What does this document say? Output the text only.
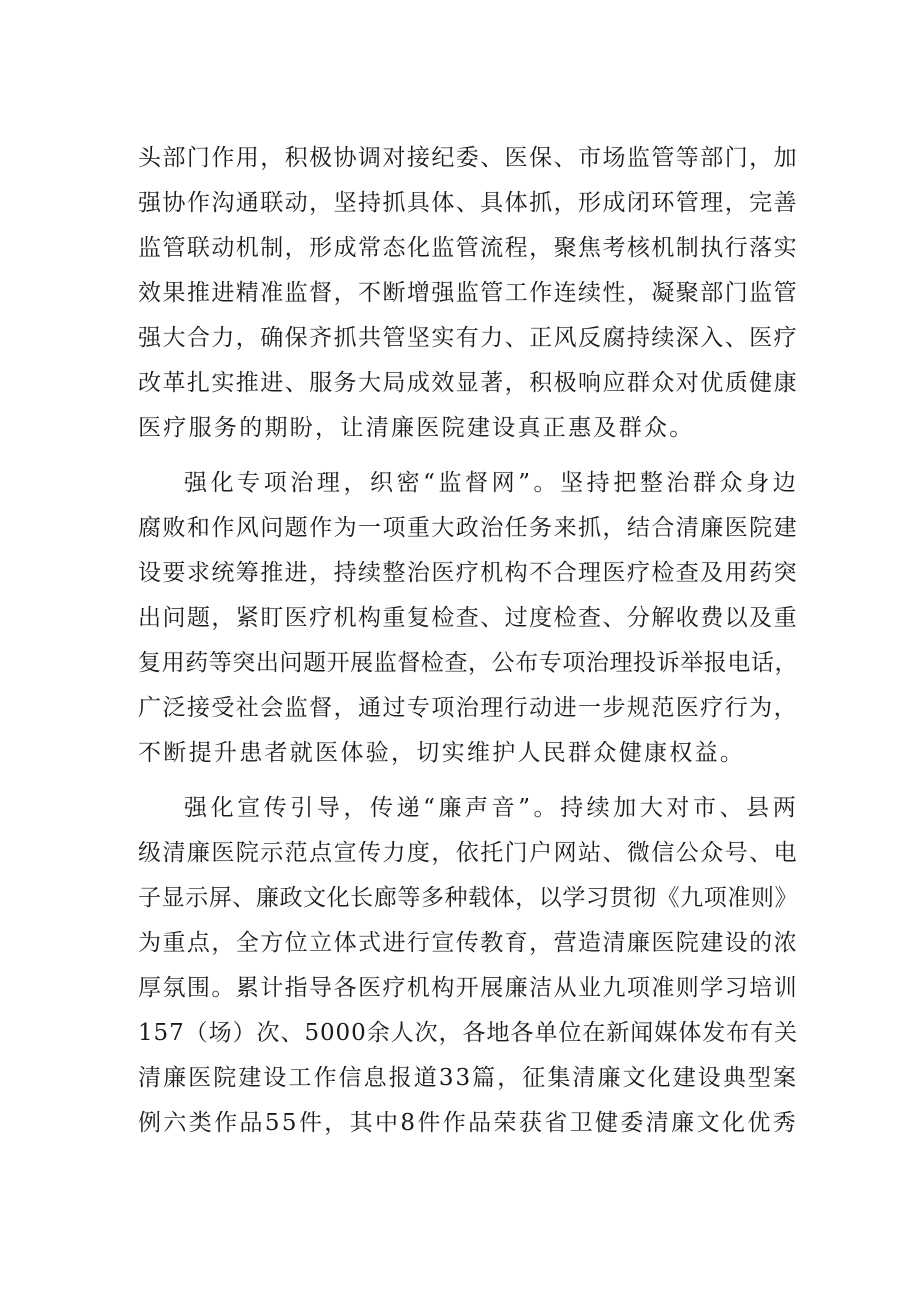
头部门作用，积极协调对接纪委、医保、市场监管等部门，加
强协作沟通联动，坚持抓具体、具体抓，形成闭环管理，完善
监管联动机制，形成常态化监管流程，聚焦考核机制执行落实
效果推进精准监督，不断增强监管工作连续性，凝聚部门监管
强大合力，确保齐抓共管坚实有力、正风反腐持续深入、医疗
改革扎实推进、服务大局成效显著，积极响应群众对优质健康
医疗服务的期盼，让清廉医院建设真正惠及群众。
强化专项治理，织密“监督网”。坚持把整治群众身边
腐败和作风问题作为一项重大政治任务来抓，结合清廉医院建
设要求统筹推进，持续整治医疗机构不合理医疗检查及用药突
出问题，紧盯医疗机构重复检查、过度检查、分解收费以及重
复用药等突出问题开展监督检查，公布专项治理投诉举报电话，
广泛接受社会监督，通过专项治理行动进一步规范医疗行为，
不断提升患者就医体验，切实维护人民群众健康权益。
强化宣传引导，传递“廉声音”。持续加大对市、县两
级清廉医院示范点宣传力度，依托门户网站、微信公众号、电
子显示屏、廉政文化长廊等多种载体，以学习贯彻《九项准则》
为重点，全方位立体式进行宣传教育，营造清廉医院建设的浓
厚氛围。累计指导各医疗机构开展廉洁从业九项准则学习培训
157（场）次、5000余人次，各地各单位在新闻媒体发布有关
清廉医院建设工作信息报道33篇，征集清廉文化建设典型案
例六类作品55件，其中8件作品荣获省卫健委清廉文化优秀
